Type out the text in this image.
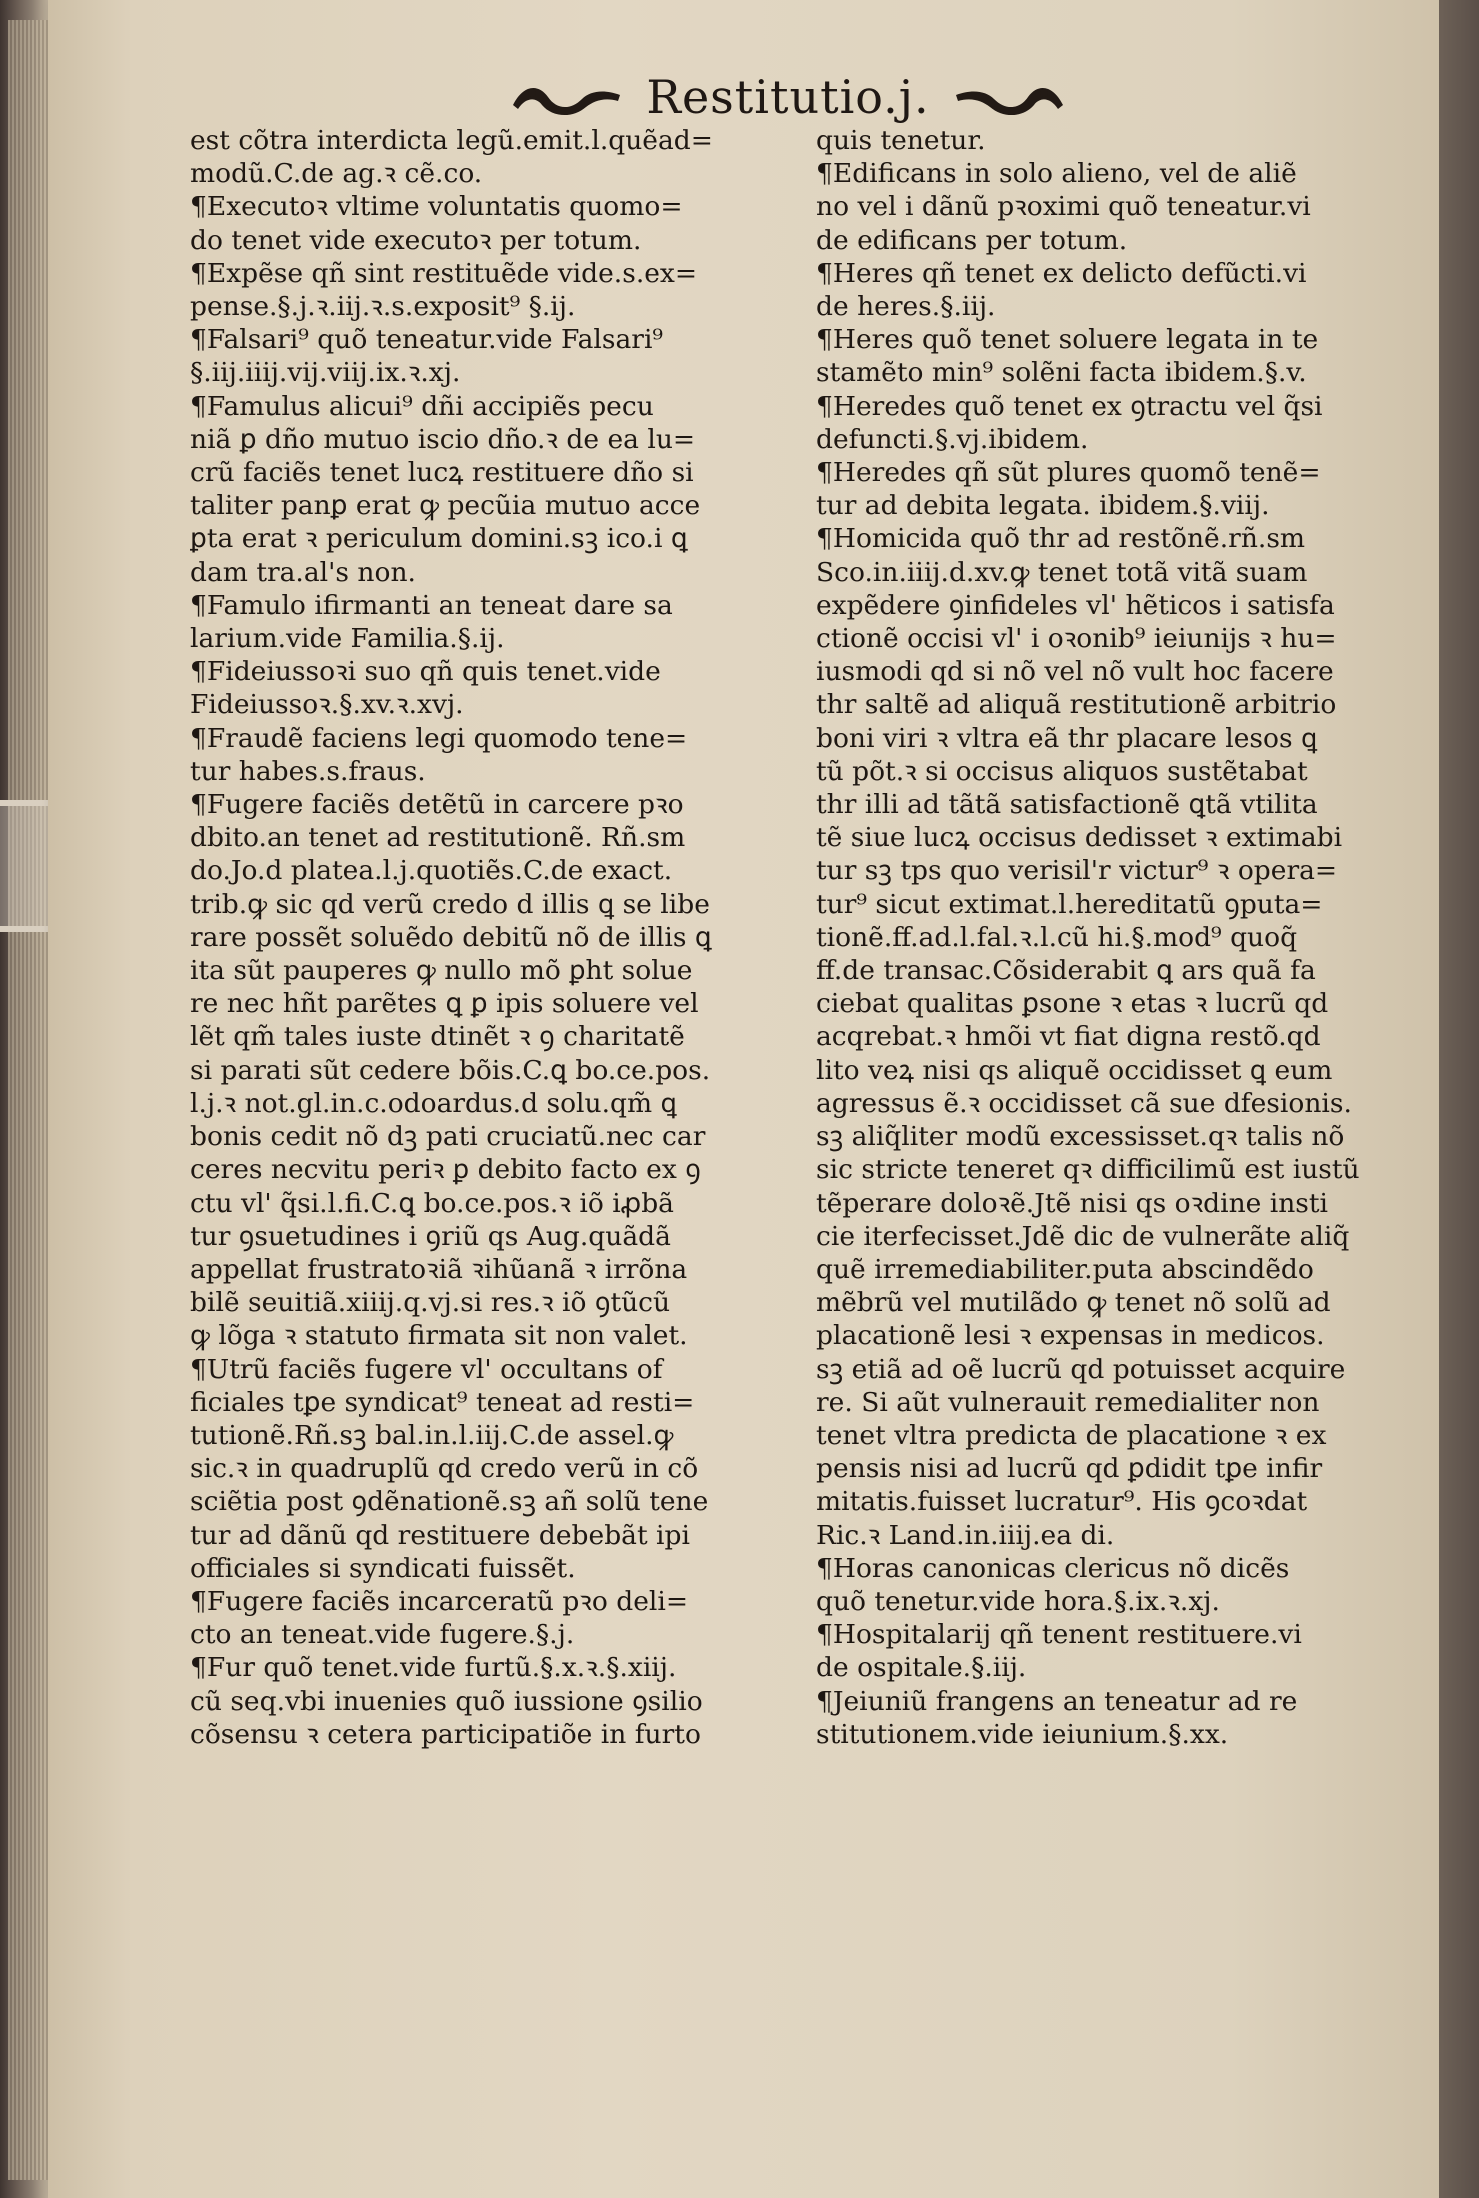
Restitutio.j.
est cõtra interdicta legũ.emit.l.quẽad=
modũ.C.de ag.ꝛ cẽ.co.
¶Executoꝛ vltime voluntatis quomo=
do tenet vide executoꝛ per totum.
¶Expẽse qñ sint restituẽde vide.s.ex=
pense.§.j.ꝛ.iij.ꝛ.s.exposit⁹ §.ij.
¶Falsari⁹ quõ teneatur.vide Falsari⁹
§.iij.iiij.vij.viij.ix.ꝛ.xj.
¶Famulus alicui⁹ dñi accipiẽs pecu
niã ꝑ dño mutuo iscio dño.ꝛ de ea lu=
crũ faciẽs tenet lucꝝ restituere dño si
taliter panꝑ erat ꝙ pecũia mutuo acce
ꝑta erat ꝛ periculum domini.sꝫ ico.i ꝗ
dam tra.al's non.
¶Famulo ifirmanti an teneat dare sa
larium.vide Familia.§.ij.
¶Fideiussoꝛi suo qñ quis tenet.vide
Fideiussoꝛ.§.xv.ꝛ.xvj.
¶Fraudẽ faciens legi quomodo tene=
tur habes.s.fraus.
¶Fugere faciẽs detẽtũ in carcere pꝛo
dbito.an tenet ad restitutionẽ. Rñ.sm
do.Jo.d platea.l.j.quotiẽs.C.de exact.
trib.ꝙ sic qd verũ credo d illis ꝗ se libe
rare possẽt soluẽdo debitũ nõ de illis ꝗ
ita sũt pauperes ꝙ nullo mõ ꝑht solue
re nec hñt parẽtes ꝗ ꝑ ipis soluere vel
lẽt qm̃ tales iuste dtinẽt ꝛ ꝯ charitatẽ
si parati sũt cedere bõis.C.ꝗ bo.ce.pos.
l.j.ꝛ not.gl.in.c.odoardus.d solu.qm̃ ꝗ
bonis cedit nõ dꝫ pati cruciatũ.nec car
ceres necvitu periꝛ ꝑ debito facto ex ꝯ
ctu vl' q̃si.l.fi.C.ꝗ bo.ce.pos.ꝛ iõ iꝓbã
tur ꝯsuetudines i ꝯriũ qs Aug.quãdã
appellat frustratoꝛiã ꝛihũanã ꝛ irrõna
bilẽ seuitiã.xiiij.q.vj.si res.ꝛ iõ ꝯtũcũ
ꝙ lõga ꝛ statuto firmata sit non valet.
¶Utrũ faciẽs fugere vl' occultans of
ficiales tꝑe syndicat⁹ teneat ad resti=
tutionẽ.Rñ.sꝫ bal.in.l.iij.C.de assel.ꝙ
sic.ꝛ in quadruplũ qd credo verũ in cõ
sciẽtia post ꝯdẽnationẽ.sꝫ añ solũ tene
tur ad dãnũ qd restituere debebãt ipi
officiales si syndicati fuissẽt.
¶Fugere faciẽs incarceratũ pꝛo deli=
cto an teneat.vide fugere.§.j.
¶Fur quõ tenet.vide furtũ.§.x.ꝛ.§.xiij.
cũ seq.vbi inuenies quõ iussione ꝯsilio
cõsensu ꝛ cetera participatiõe in furto
quis tenetur.
¶Edificans in solo alieno, vel de aliẽ
no vel i dãnũ pꝛoximi quõ teneatur.vi
de edificans per totum.
¶Heres qñ tenet ex delicto defũcti.vi
de heres.§.iij.
¶Heres quõ tenet soluere legata in te
stamẽto min⁹ solẽni facta ibidem.§.v.
¶Heredes quõ tenet ex ꝯtractu vel q̃si
defuncti.§.vj.ibidem.
¶Heredes qñ sũt plures quomõ tenẽ=
tur ad debita legata. ibidem.§.viij.
¶Homicida quõ thr ad restõnẽ.rñ.sm
Sco.in.iiij.d.xv.ꝙ tenet totã vitã suam
expẽdere ꝯinfideles vl' hẽticos i satisfa
ctionẽ occisi vl' i oꝛonib⁹ ieiunijs ꝛ hu=
iusmodi qd si nõ vel nõ vult hoc facere
thr saltẽ ad aliquã restitutionẽ arbitrio
boni viri ꝛ vltra eã thr placare lesos ꝗ
tũ põt.ꝛ si occisus aliquos sustẽtabat
thr illi ad tãtã satisfactionẽ ꝗtã vtilita
tẽ siue lucꝝ occisus dedisset ꝛ extimabi
tur sꝫ tps quo verisil'r victur⁹ ꝛ opera=
tur⁹ sicut extimat.l.hereditatũ ꝯputa=
tionẽ.ff.ad.l.fal.ꝛ.l.cũ hi.§.mod⁹ quoq̃
ff.de transac.Cõsiderabit ꝗ ars quã fa
ciebat qualitas ꝑsone ꝛ etas ꝛ lucrũ qd
acqrebat.ꝛ hmõi vt fiat digna restõ.qd
lito veꝝ nisi qs aliquẽ occidisset ꝗ eum
agressus ẽ.ꝛ occidisset cã sue dfesionis.
sꝫ aliq̃liter modũ excessisset.qꝛ talis nõ
sic stricte teneret qꝛ difficilimũ est iustũ
tẽperare doloꝛẽ.Jtẽ nisi qs oꝛdine insti
cie iterfecisset.Jdẽ dic de vulnerãte aliq̃
quẽ irremediabiliter.puta abscindẽdo
mẽbrũ vel mutilãdo ꝙ tenet nõ solũ ad
placationẽ lesi ꝛ expensas in medicos.
sꝫ etiã ad oẽ lucrũ qd potuisset acquire
re. Si aũt vulnerauit remedialiter non
tenet vltra predicta de placatione ꝛ ex
pensis nisi ad lucrũ qd ꝑdidit tꝑe infir
mitatis.fuisset lucratur⁹. His ꝯcoꝛdat
Ric.ꝛ Land.in.iiij.ea di.
¶Horas canonicas clericus nõ dicẽs
quõ tenetur.vide hora.§.ix.ꝛ.xj.
¶Hospitalarij qñ tenent restituere.vi
de ospitale.§.iij.
¶Jeiuniũ frangens an teneatur ad re
stitutionem.vide ieiunium.§.xx.
